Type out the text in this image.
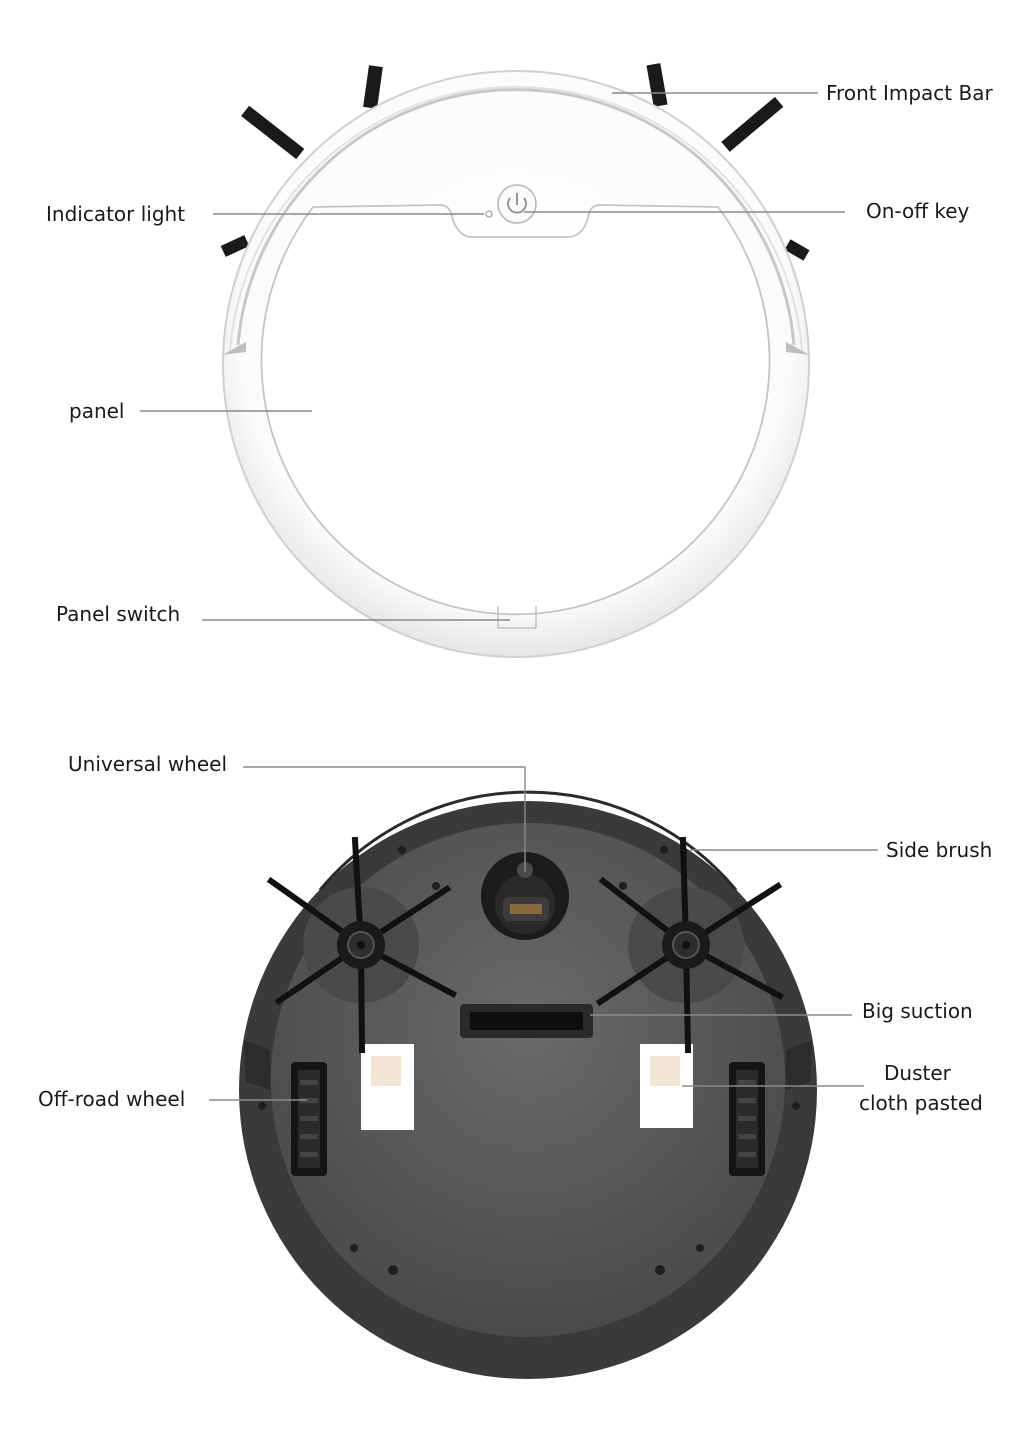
Front Impact Bar
Indicator light	On-off key
panel
Panel switch
Universal wheel
Side brush
Big suction
Duster
cloth pasted
Off-road wheel
